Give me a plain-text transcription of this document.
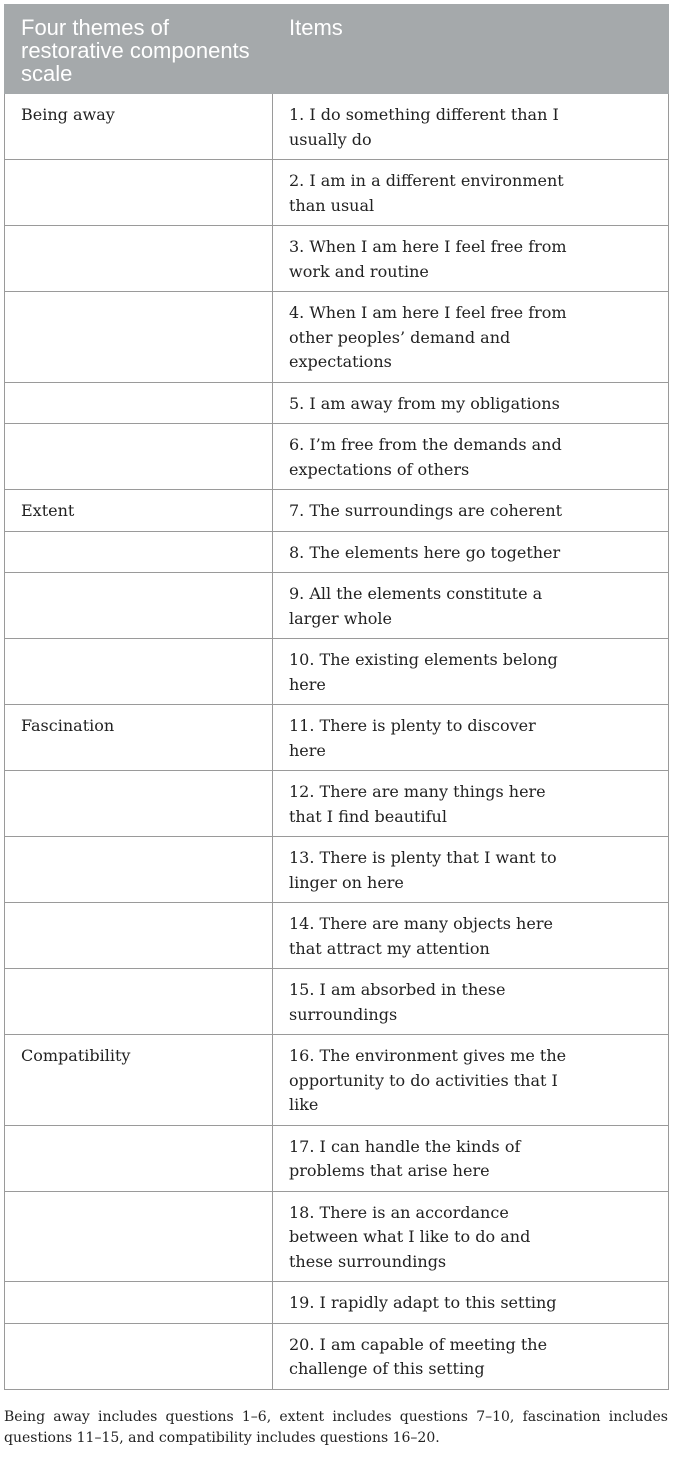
Four themes of restorative components scale	Items
Being away	1. I do something different than I usually do
	2. I am in a different environment than usual
	3. When I am here I feel free from work and routine
	4. When I am here I feel free from other peoples’ demand and expectations
	5. I am away from my obligations
	6. I’m free from the demands and expectations of others
Extent	7. The surroundings are coherent
	8. The elements here go together
	9. All the elements constitute a larger whole
	10. The existing elements belong here
Fascination	11. There is plenty to discover here
	12. There are many things here that I find beautiful
	13. There is plenty that I want to linger on here
	14. There are many objects here that attract my attention
	15. I am absorbed in these surroundings
Compatibility	16. The environment gives me the opportunity to do activities that I like
	17. I can handle the kinds of problems that arise here
	18. There is an accordance between what I like to do and these surroundings
	19. I rapidly adapt to this setting
	20. I am capable of meeting the challenge of this setting

Being away includes questions 1–6, extent includes questions 7–10, fascination includes questions 11–15, and compatibility includes questions 16–20.
